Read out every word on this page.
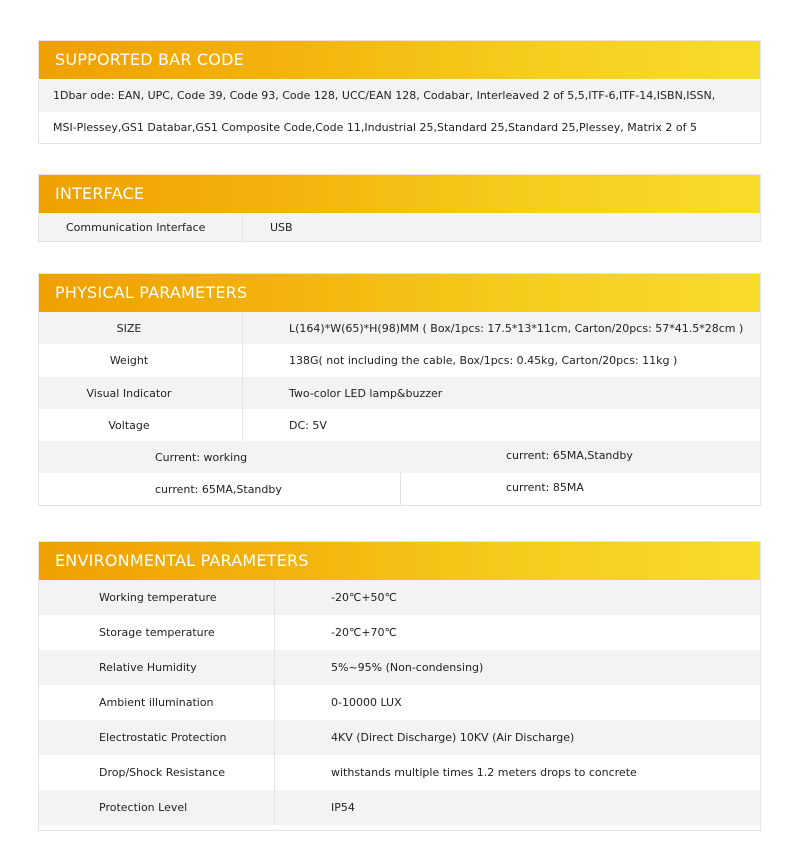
SUPPORTED BAR CODE
1Dbar ode: EAN, UPC, Code 39, Code 93, Code 128, UCC/EAN 128, Codabar, Interleaved 2 of 5,5,ITF-6,ITF-14,ISBN,ISSN,
MSI-Plessey,GS1 Databar,GS1 Composite Code,Code 11,Industrial 25,Standard 25,Standard 25,Plessey, Matrix 2 of 5
INTERFACE
Communication Interface	USB
PHYSICAL PARAMETERS
SIZE	L(164)*W(65)*H(98)MM ( Box/1pcs: 17.5*13*11cm, Carton/20pcs: 57*41.5*28cm )
Weight	138G( not including the cable, Box/1pcs: 0.45kg, Carton/20pcs: 11kg )
Visual Indicator	Two-color LED lamp&buzzer
Voltage	DC: 5V
Current: working	current: 65MA,Standby
current: 65MA,Standby	current: 85MA
ENVIRONMENTAL PARAMETERS
Working temperature	-20℃+50℃
Storage temperature	-20℃+70℃
Relative Humidity	5%~95% (Non-condensing)
Ambient illumination	0-10000 LUX
Electrostatic Protection	4KV (Direct Discharge) 10KV (Air Discharge)
Drop/Shock Resistance	withstands multiple times 1.2 meters drops to concrete
Protection Level	IP54
